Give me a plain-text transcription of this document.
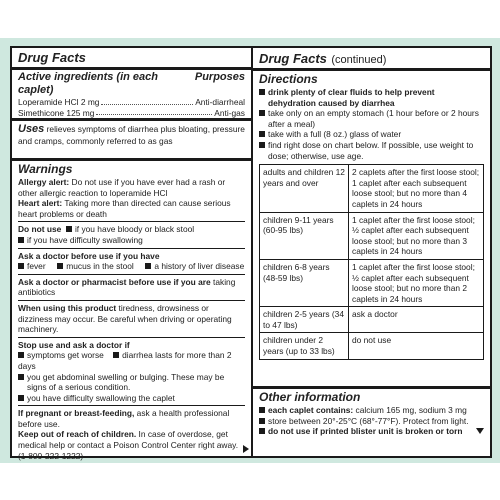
Drug Facts
Active ingredients (in each caplet)
Purposes
Loperamide HCl 2 mg	Anti-diarrheal
Simethicone 125 mg	Anti-gas
Uses relieves symptoms of diarrhea plus bloating, pressure and cramps, commonly referred to as gas
Warnings
Allergy alert: Do not use if you have ever had a rash or other allergic reaction to loperamide HCl
Heart alert: Taking more than directed can cause serious heart problems or death
Do not use if you have bloody or black stool
if you have difficulty swallowing
Ask a doctor before use if you have
fever mucus in the stool a history of liver disease
Ask a doctor or pharmacist before use if you are taking antibiotics
When using this product tiredness, drowsiness or dizziness may occur. Be careful when driving or operating machinery.
Stop use and ask a doctor if
symptoms get worse diarrhea lasts for more than 2 days
you get abdominal swelling or bulging. These may be signs of a serious condition.
you have difficulty swallowing the caplet
If pregnant or breast-feeding, ask a health professional before use.
Keep out of reach of children. In case of overdose, get medical help or contact a Poison Control Center right away. (1-800-222-1222)
Drug Facts (continued)
Directions
drink plenty of clear fluids to help prevent dehydration caused by diarrhea
take only on an empty stomach (1 hour before or 2 hours after a meal)
take with a full (8 oz.) glass of water
find right dose on chart below. If possible, use weight to dose; otherwise, use age.
adults and children 12 years and over	2 caplets after the first loose stool; 1 caplet after each subsequent loose stool; but no more than 4 caplets in 24 hours
children 9-11 years (60-95 lbs)	1 caplet after the first loose stool; ½ caplet after each subsequent loose stool; but no more than 3 caplets in 24 hours
children 6-8 years (48-59 lbs)	1 caplet after the first loose stool; ½ caplet after each subsequent loose stool; but no more than 2 caplets in 24 hours
children 2-5 years (34 to 47 lbs)	ask a doctor
children under 2 years (up to 33 lbs)	do not use
Other information
each caplet contains: calcium 165 mg, sodium 3 mg
store between 20°-25°C (68°-77°F). Protect from light.
do not use if printed blister unit is broken or torn
